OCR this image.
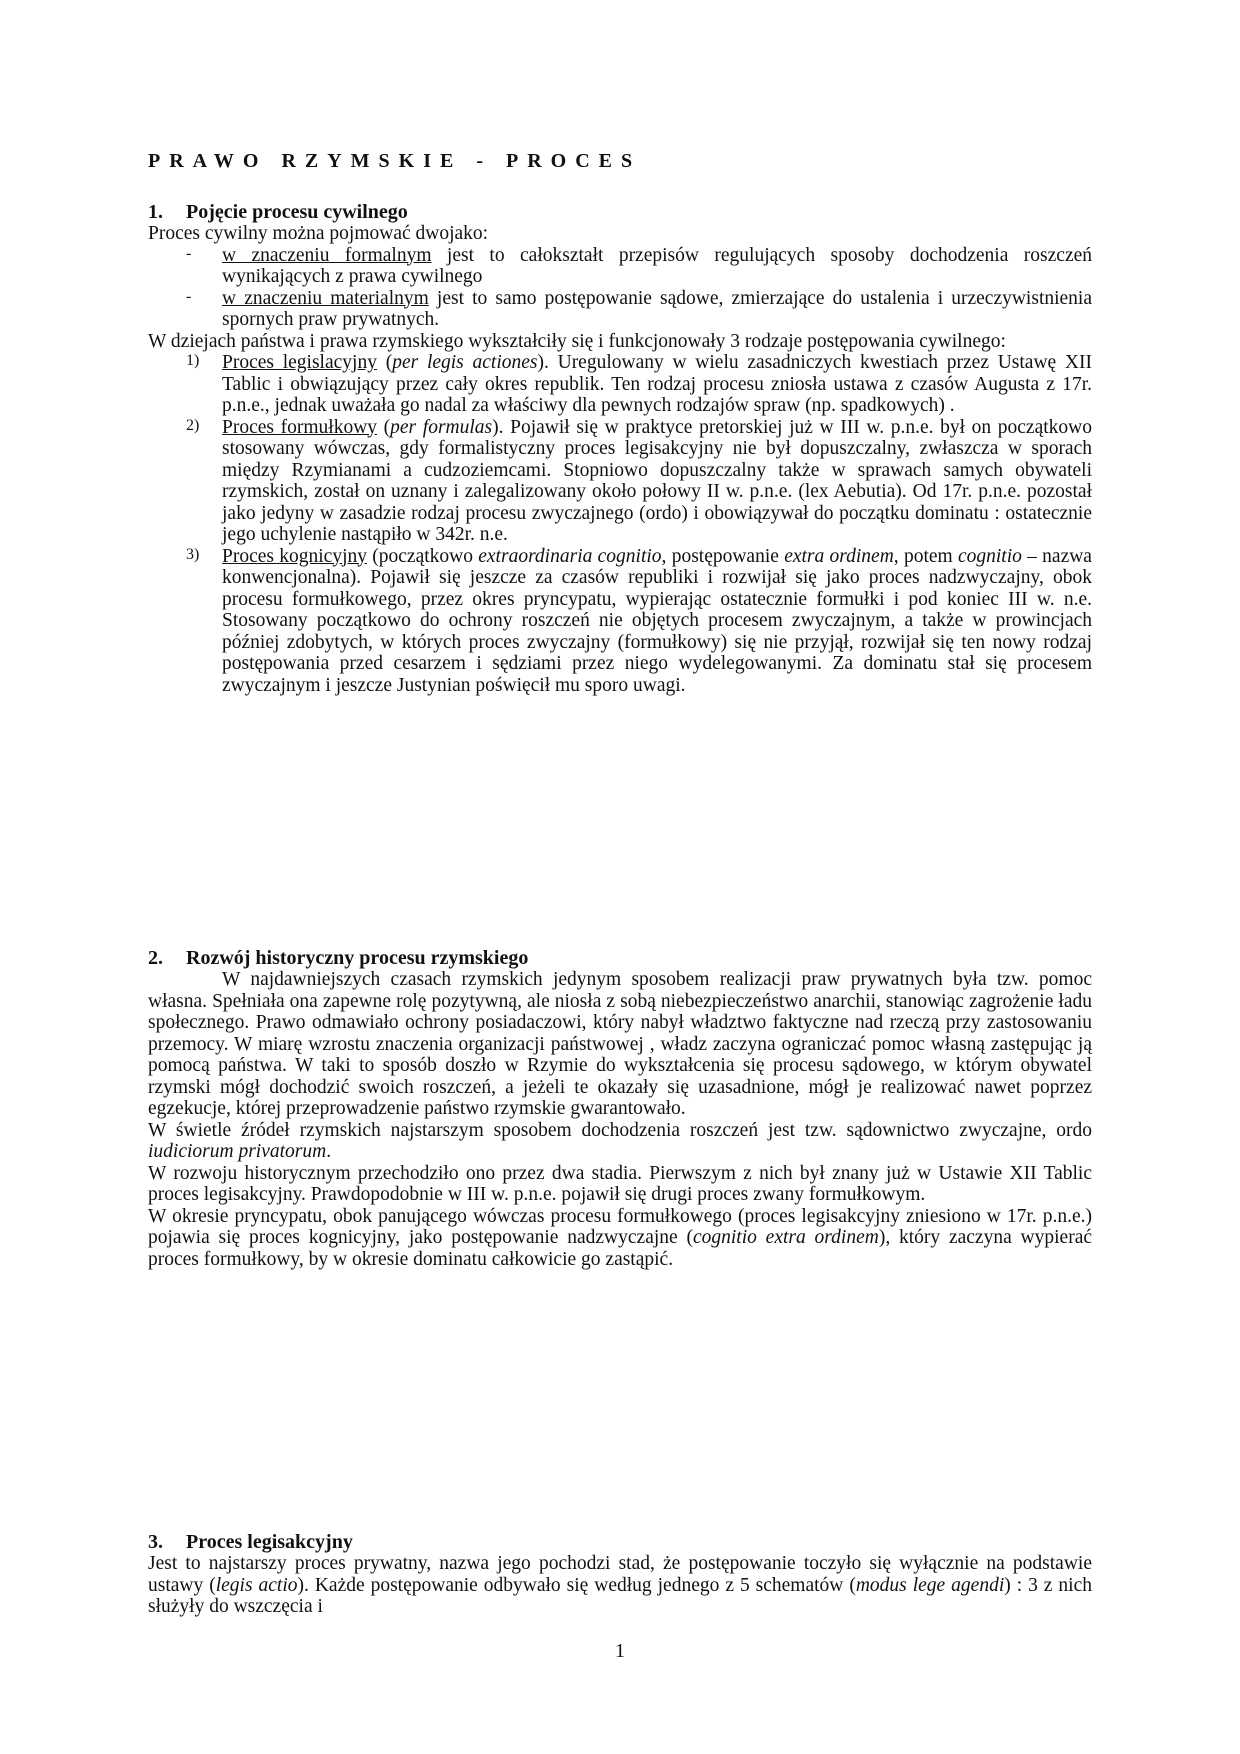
PRAWO RZYMSKIE - PROCES
1.	Pojęcie procesu cywilnego

Proces cywilny można pojmować dwojako:

-	w znaczeniu formalnym jest to całokształt przepisów regulujących sposoby dochodzenia roszczeń wynikających z prawa cywilnego

-	w znaczeniu materialnym jest to samo postępowanie sądowe, zmierzające do ustalenia i urzeczywistnienia spornych praw prywatnych.

W dziejach państwa i prawa rzymskiego wykształciły się i funkcjonowały 3 rodzaje postępowania cywilnego:

1)	Proces legislacyjny (per legis actiones). Uregulowany w wielu zasadniczych kwestiach przez Ustawę XII Tablic i obwiązujący przez cały okres republik. Ten rodzaj procesu zniosła ustawa z czasów Augusta z 17r. p.n.e., jednak uważała go nadal za właściwy dla pewnych rodzajów spraw (np. spadkowych) .

2)	Proces formułkowy (per formulas). Pojawił się w praktyce pretorskiej już w III w. p.n.e. był on początkowo stosowany wówczas, gdy formalistyczny proces legisakcyjny nie był dopuszczalny, zwłaszcza w sporach między Rzymianami a cudzoziemcami. Stopniowo dopuszczalny także w sprawach samych obywateli rzymskich, został on uznany i zalegalizowany około połowy II w. p.n.e. (lex Aebutia). Od 17r. p.n.e. pozostał jako jedyny w zasadzie rodzaj procesu zwyczajnego (ordo) i obowiązywał do początku dominatu : ostatecznie jego uchylenie nastąpiło w 342r. n.e.

3)	Proces kognicyjny (początkowo extraordinaria cognitio, postępowanie extra ordinem, potem cognitio – nazwa konwencjonalna). Pojawił się jeszcze za czasów republiki i rozwijał się jako proces nadzwyczajny, obok procesu formułkowego, przez okres pryncypatu, wypierając ostatecznie formułki i pod koniec III w. n.e. Stosowany początkowo do ochrony roszczeń nie objętych procesem zwyczajnym, a także w prowincjach później zdobytych, w których proces zwyczajny (formułkowy) się nie przyjął, rozwijał się ten nowy rodzaj postępowania przed cesarzem i sędziami przez niego wydelegowanymi. Za dominatu stał się procesem zwyczajnym i jeszcze Justynian poświęcił mu sporo uwagi.

2.	Rozwój historyczny procesu rzymskiego

W najdawniejszych czasach rzymskich jedynym sposobem realizacji praw prywatnych była tzw. pomoc własna. Spełniała ona zapewne rolę pozytywną, ale niosła z sobą niebezpieczeństwo anarchii, stanowiąc zagrożenie ładu społecznego. Prawo odmawiało ochrony posiadaczowi, który nabył władztwo faktyczne nad rzeczą przy zastosowaniu przemocy. W miarę wzrostu znaczenia organizacji państwowej , władz zaczyna ograniczać pomoc własną zastępując ją pomocą państwa. W taki to sposób doszło w Rzymie do wykształcenia się procesu sądowego, w którym obywatel rzymski mógł dochodzić swoich roszczeń, a jeżeli te okazały się uzasadnione, mógł je realizować nawet poprzez egzekucje, której przeprowadzenie państwo rzymskie gwarantowało.

W świetle źródeł rzymskich najstarszym sposobem dochodzenia roszczeń jest tzw. sądownictwo zwyczajne, ordo iudiciorum privatorum.

W rozwoju historycznym przechodziło ono przez dwa stadia. Pierwszym z nich był znany już w Ustawie XII Tablic proces legisakcyjny. Prawdopodobnie w III w. p.n.e. pojawił się drugi proces zwany formułkowym.

W okresie pryncypatu, obok panującego wówczas procesu formułkowego (proces legisakcyjny zniesiono w 17r. p.n.e.) pojawia się proces kognicyjny, jako postępowanie nadzwyczajne (cognitio extra ordinem), który zaczyna wypierać proces formułkowy, by w okresie dominatu całkowicie go zastąpić.

3.	Proces legisakcyjny

Jest to najstarszy proces prywatny, nazwa jego pochodzi stad, że postępowanie toczyło się wyłącznie na podstawie ustawy (legis actio). Każde postępowanie odbywało się według jednego z 5 schematów (modus lege agendi) : 3 z nich służyły do wszczęcia i

1
